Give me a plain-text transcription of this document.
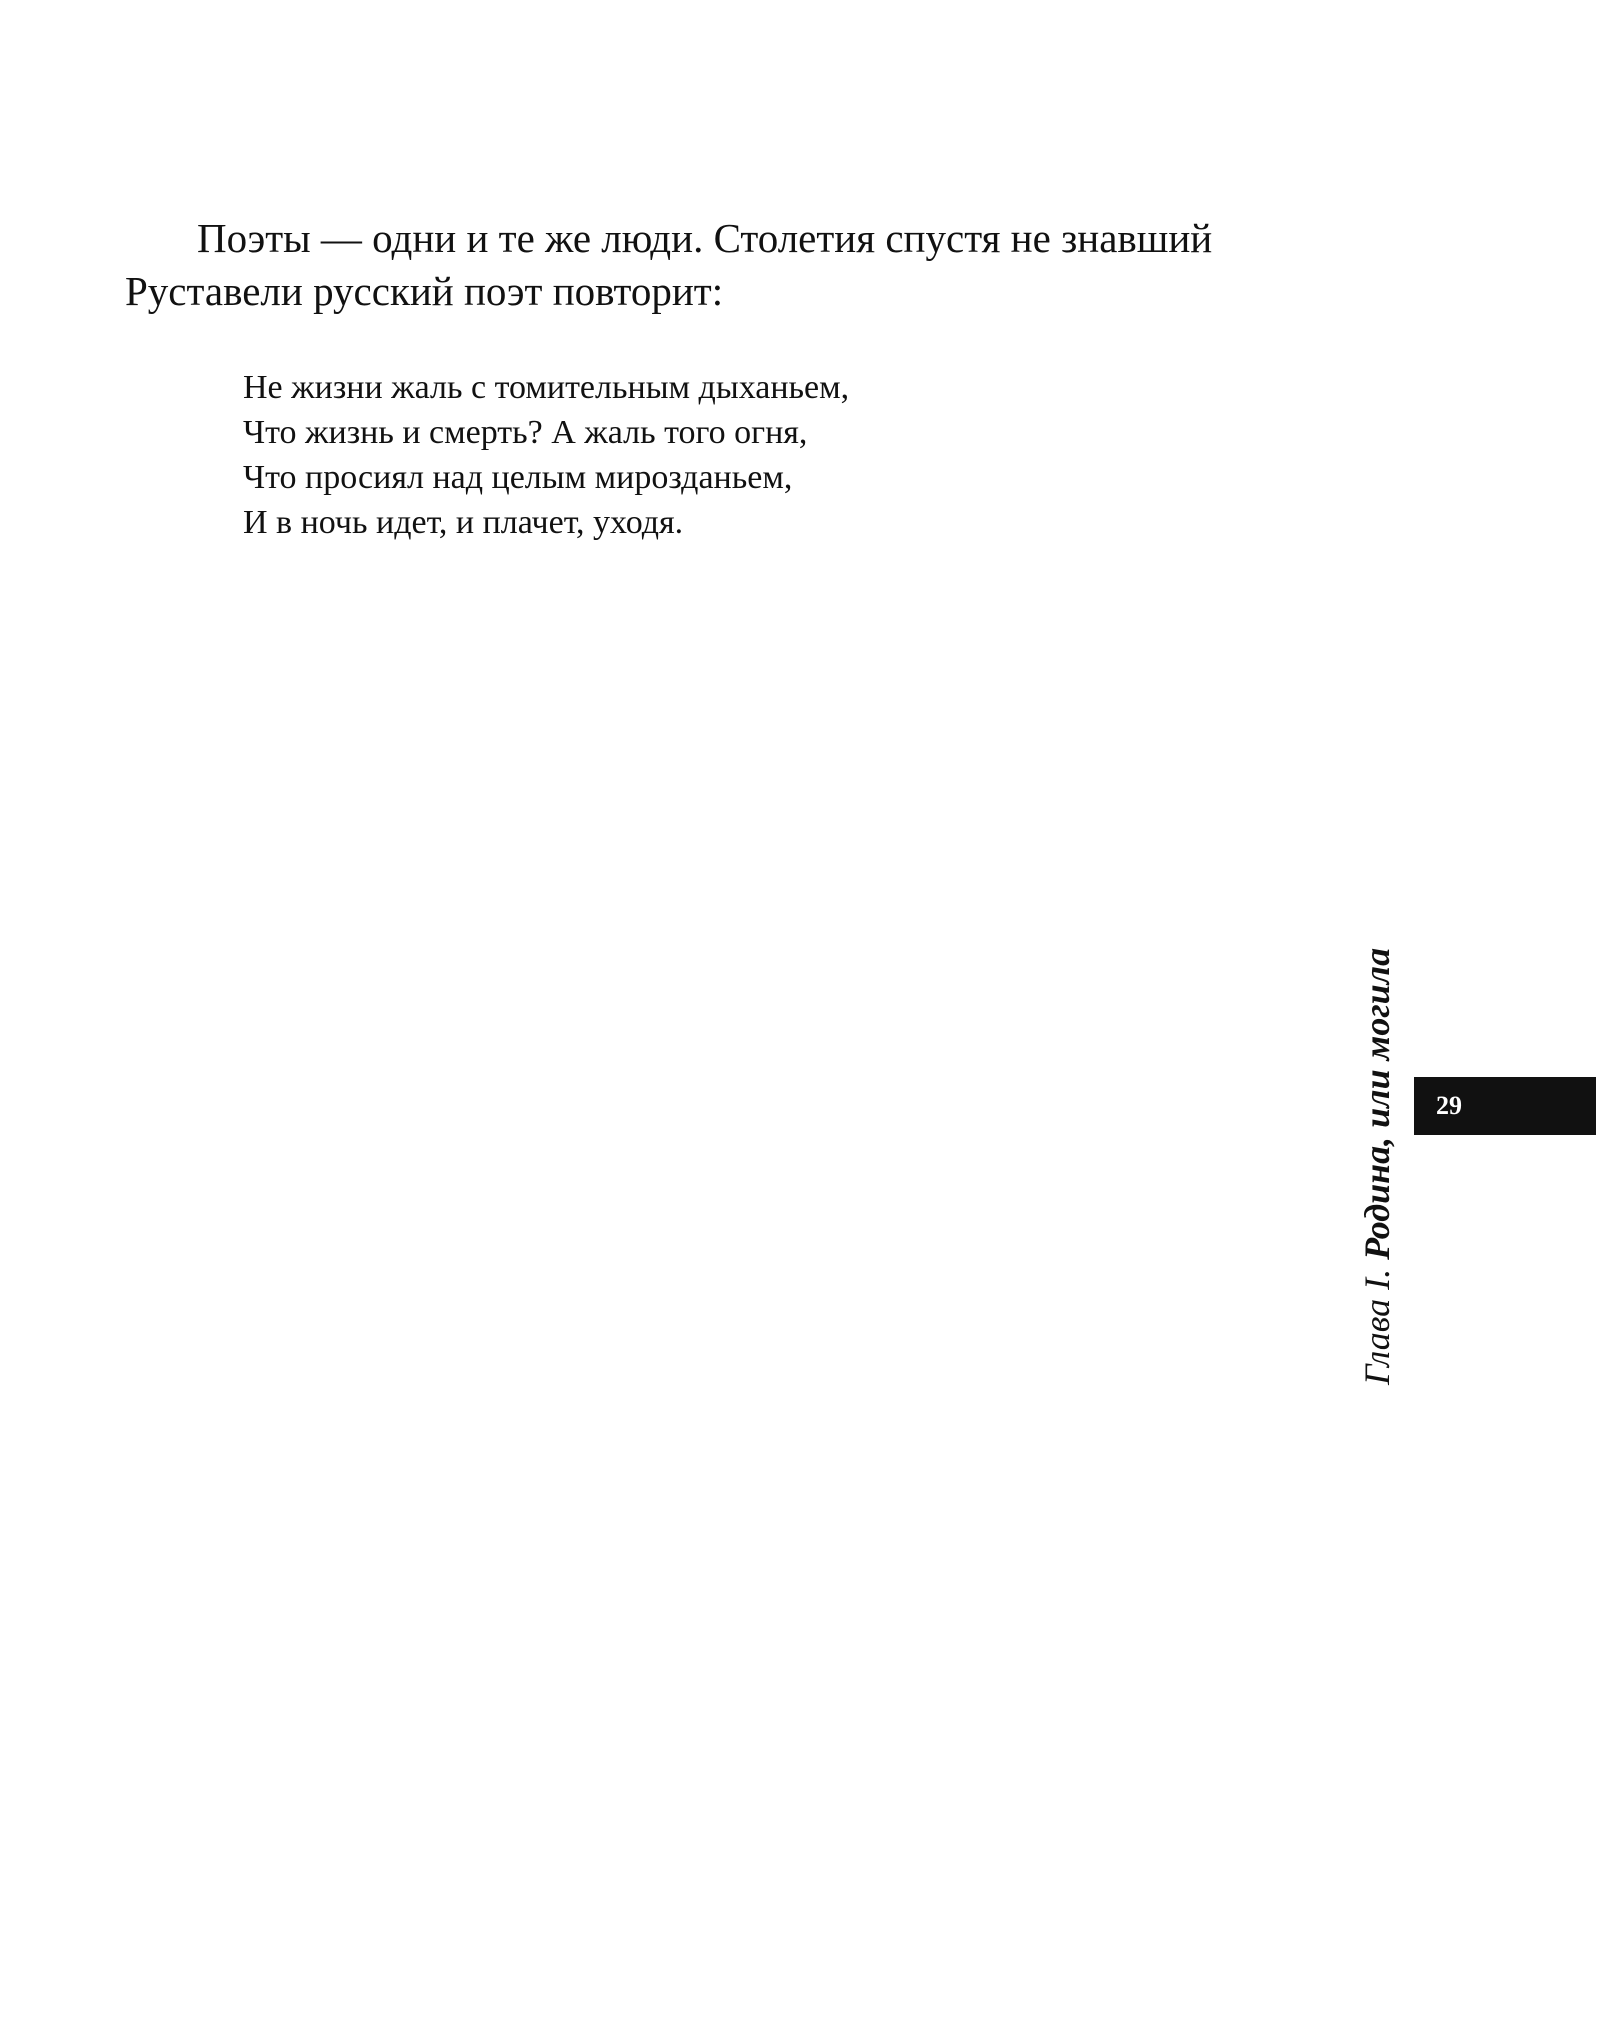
Поэты — одни и те же люди. Столетия спустя не знавший
Руставели русский поэт повторит:

Не жизни жаль с томительным дыханьем,
Что жизнь и смерть? А жаль того огня,
Что просиял над целым мирозданьем,
И в ночь идет, и плачет, уходя.

Глава I. Родина, или могила 29
